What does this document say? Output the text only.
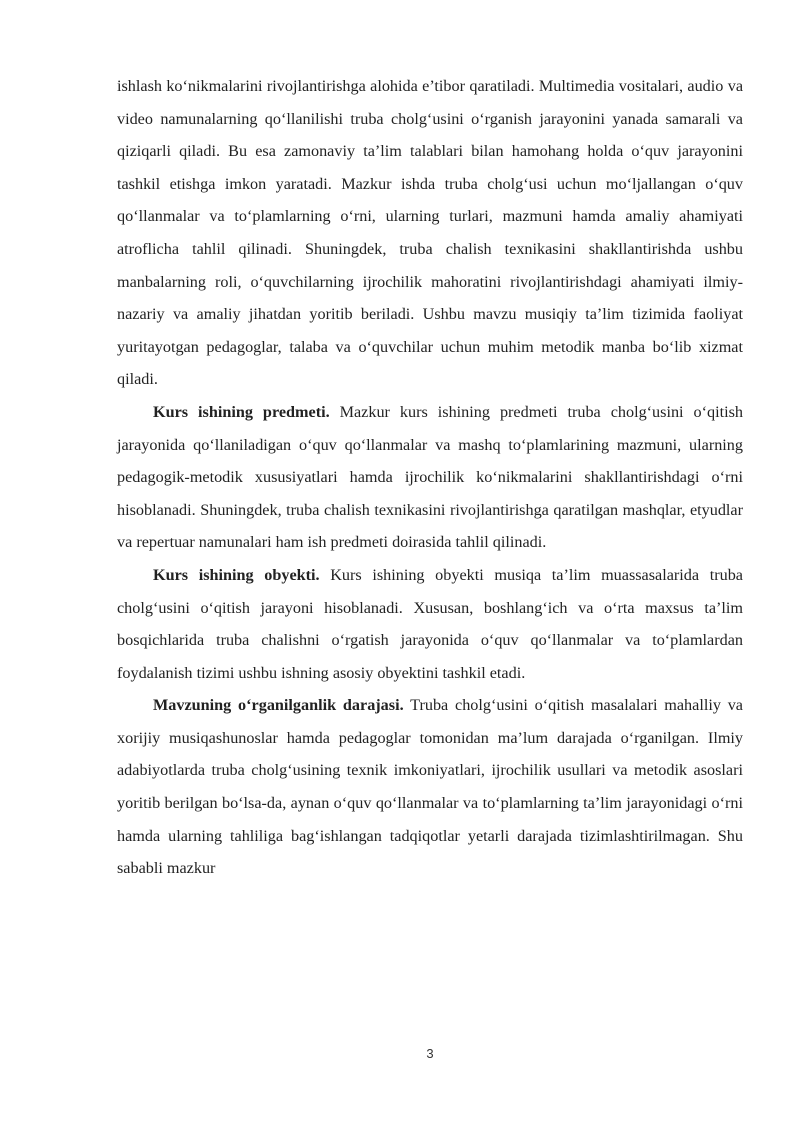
ishlash ko‘nikmalarini rivojlantirishga alohida e’tibor qaratiladi. Multimedia vositalari, audio va video namunalarning qo‘llanilishi truba cholg‘usini o‘rganish jarayonini yanada samarali va qiziqarli qiladi. Bu esa zamonaviy ta’lim talablari bilan hamohang holda o‘quv jarayonini tashkil etishga imkon yaratadi. Mazkur ishda truba cholg‘usi uchun mo‘ljallangan o‘quv qo‘llanmalar va to‘plamlarning o‘rni, ularning turlari, mazmuni hamda amaliy ahamiyati atroflicha tahlil qilinadi. Shuningdek, truba chalish texnikasini shakllantirishda ushbu manbalarning roli, o‘quvchilarning ijrochilik mahoratini rivojlantirishdagi ahamiyati ilmiy-nazariy va amaliy jihatdan yoritib beriladi. Ushbu mavzu musiqiy ta’lim tizimida faoliyat yuritayotgan pedagoglar, talaba va o‘quvchilar uchun muhim metodik manba bo‘lib xizmat qiladi.

Kurs ishining predmeti. Mazkur kurs ishining predmeti truba cholg‘usini o‘qitish jarayonida qo‘llaniladigan o‘quv qo‘llanmalar va mashq to‘plamlarining mazmuni, ularning pedagogik-metodik xususiyatlari hamda ijrochilik ko‘nikmalarini shakllantirishdagi o‘rni hisoblanadi. Shuningdek, truba chalish texnikasini rivojlantirishga qaratilgan mashqlar, etyudlar va repertuar namunalari ham ish predmeti doirasida tahlil qilinadi.

Kurs ishining obyekti. Kurs ishining obyekti musiqa ta’lim muassasalarida truba cholg‘usini o‘qitish jarayoni hisoblanadi. Xususan, boshlang‘ich va o‘rta maxsus ta’lim bosqichlarida truba chalishni o‘rgatish jarayonida o‘quv qo‘llanmalar va to‘plamlardan foydalanish tizimi ushbu ishning asosiy obyektini tashkil etadi.

Mavzuning o‘rganilganlik darajasi. Truba cholg‘usini o‘qitish masalalari mahalliy va xorijiy musiqashunoslar hamda pedagoglar tomonidan ma’lum darajada o‘rganilgan. Ilmiy adabiyotlarda truba cholg‘usining texnik imkoniyatlari, ijrochilik usullari va metodik asoslari yoritib berilgan bo‘lsa-da, aynan o‘quv qo‘llanmalar va to‘plamlarning ta’lim jarayonidagi o‘rni hamda ularning tahliliga bag‘ishlangan tadqiqotlar yetarli darajada tizimlashtirilmagan. Shu sababli mazkur

3
